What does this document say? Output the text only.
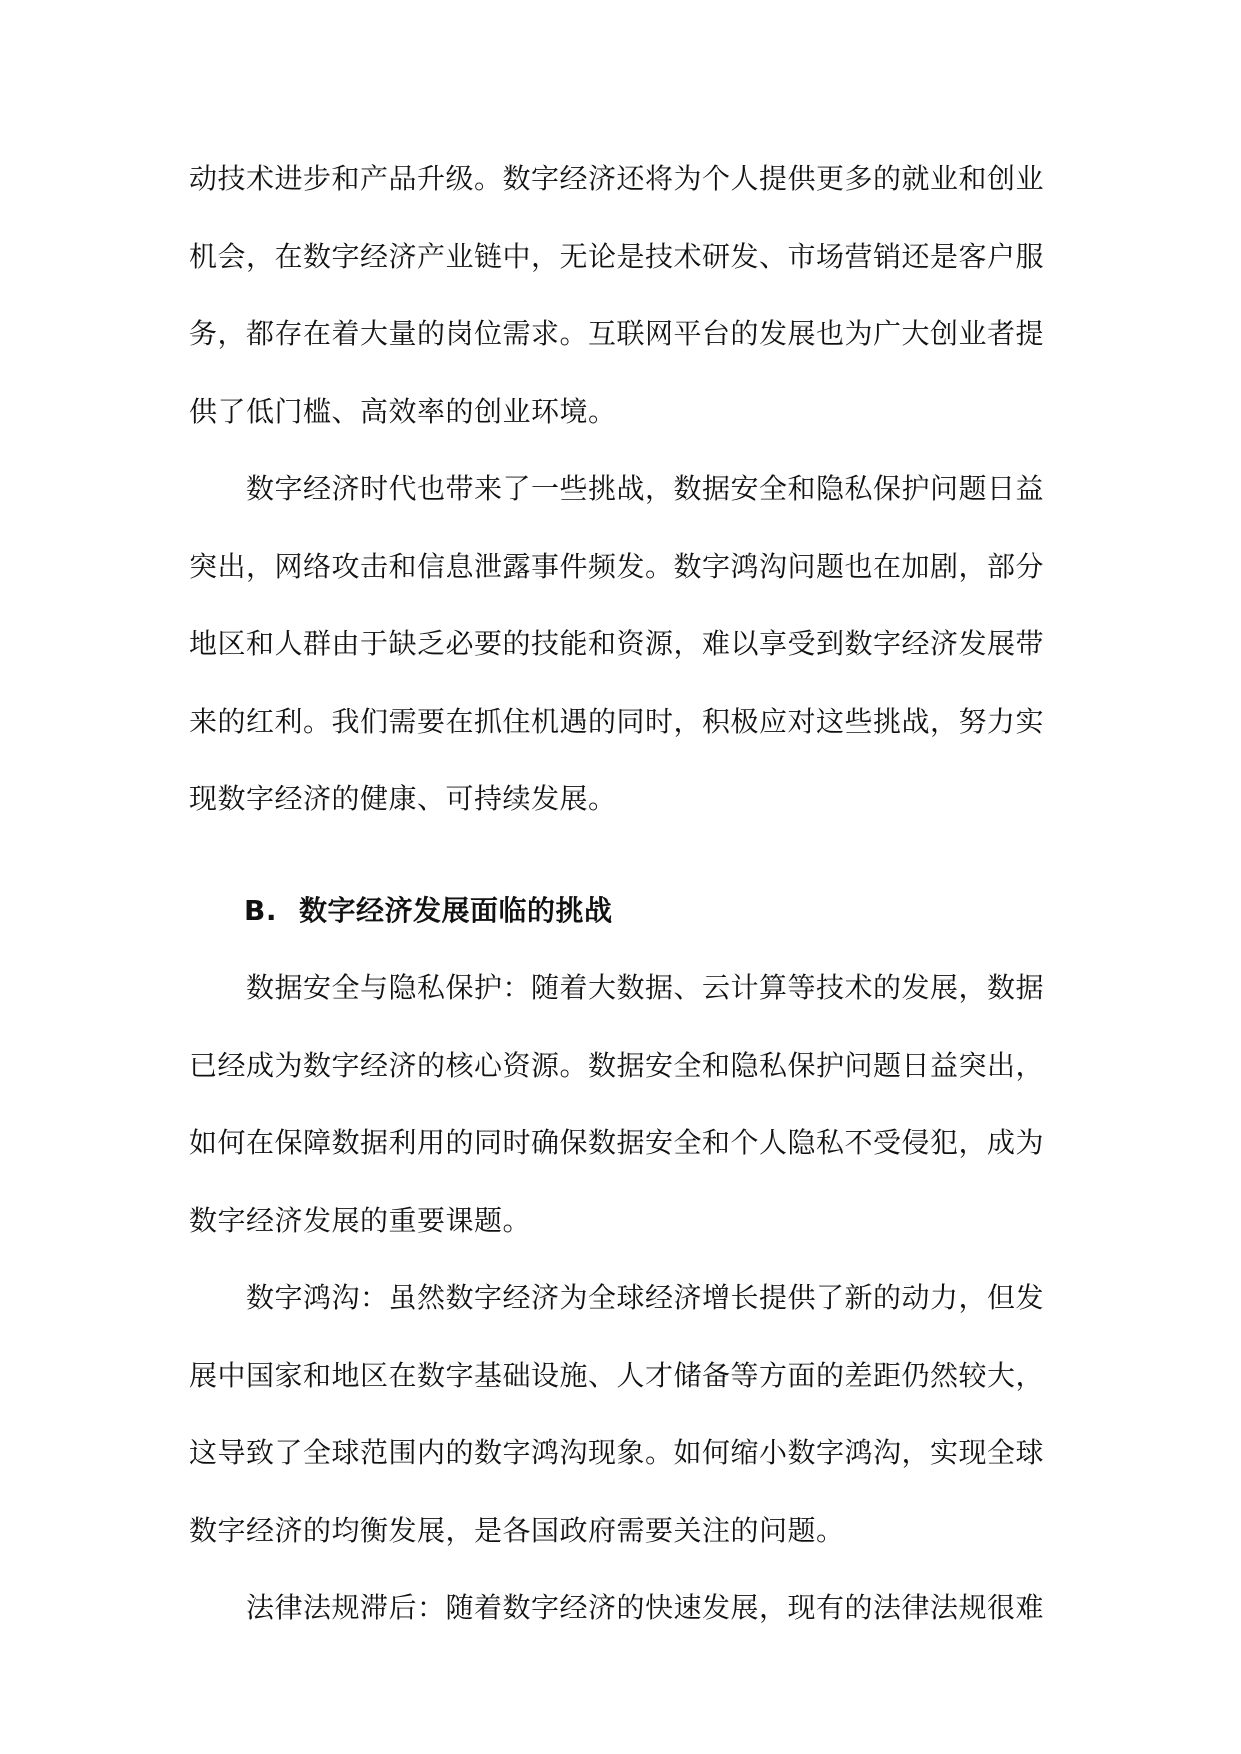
动技术进步和产品升级。数字经济还将为个人提供更多的就业和创业
机会，在数字经济产业链中，无论是技术研发、市场营销还是客户服
务，都存在着大量的岗位需求。互联网平台的发展也为广大创业者提
供了低门槛、高效率的创业环境。
数字经济时代也带来了一些挑战，数据安全和隐私保护问题日益
突出，网络攻击和信息泄露事件频发。数字鸿沟问题也在加剧，部分
地区和人群由于缺乏必要的技能和资源，难以享受到数字经济发展带
来的红利。我们需要在抓住机遇的同时，积极应对这些挑战，努力实
现数字经济的健康、可持续发展。
B. 数字经济发展面临的挑战
数据安全与隐私保护：随着大数据、云计算等技术的发展，数据
已经成为数字经济的核心资源。数据安全和隐私保护问题日益突出，
如何在保障数据利用的同时确保数据安全和个人隐私不受侵犯，成为
数字经济发展的重要课题。
数字鸿沟：虽然数字经济为全球经济增长提供了新的动力，但发
展中国家和地区在数字基础设施、人才储备等方面的差距仍然较大，
这导致了全球范围内的数字鸿沟现象。如何缩小数字鸿沟，实现全球
数字经济的均衡发展，是各国政府需要关注的问题。
法律法规滞后：随着数字经济的快速发展，现有的法律法规很难
